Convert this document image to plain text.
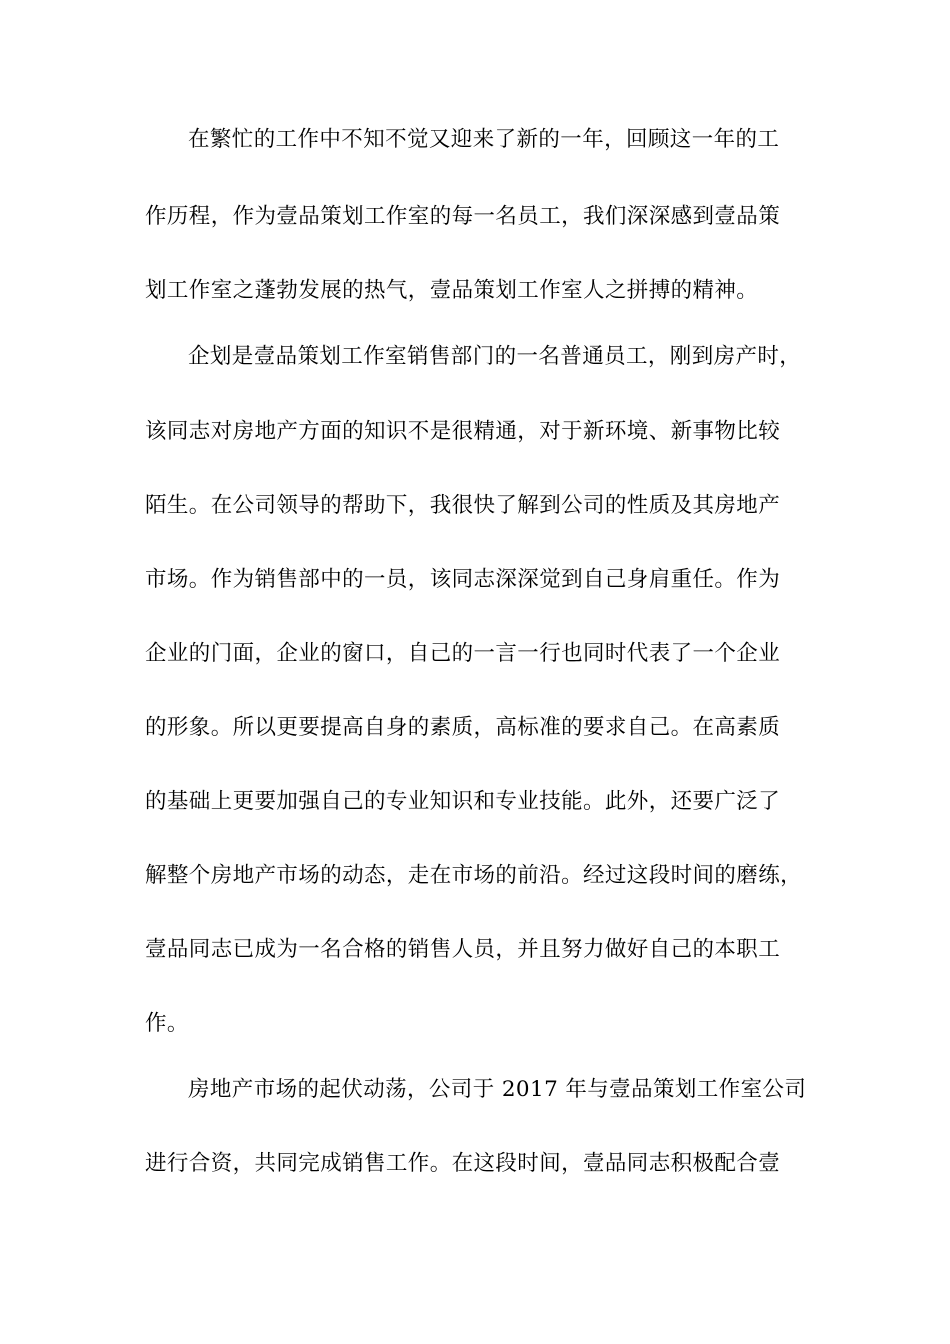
在繁忙的工作中不知不觉又迎来了新的一年，回顾这一年的工
作历程，作为壹品策划工作室的每一名员工，我们深深感到壹品策
划工作室之蓬勃发展的热气，壹品策划工作室人之拼搏的精神。
企划是壹品策划工作室销售部门的一名普通员工，刚到房产时，
该同志对房地产方面的知识不是很精通，对于新环境、新事物比较
陌生。在公司领导的帮助下，我很快了解到公司的性质及其房地产
市场。作为销售部中的一员，该同志深深觉到自己身肩重任。作为
企业的门面，企业的窗口，自己的一言一行也同时代表了一个企业
的形象。所以更要提高自身的素质，高标准的要求自己。在高素质
的基础上更要加强自己的专业知识和专业技能。此外，还要广泛了
解整个房地产市场的动态，走在市场的前沿。经过这段时间的磨练，
壹品同志已成为一名合格的销售人员，并且努力做好自己的本职工
作。
房地产市场的起伏动荡，公司于 2017 年与壹品策划工作室公司
进行合资，共同完成销售工作。在这段时间，壹品同志积极配合壹
